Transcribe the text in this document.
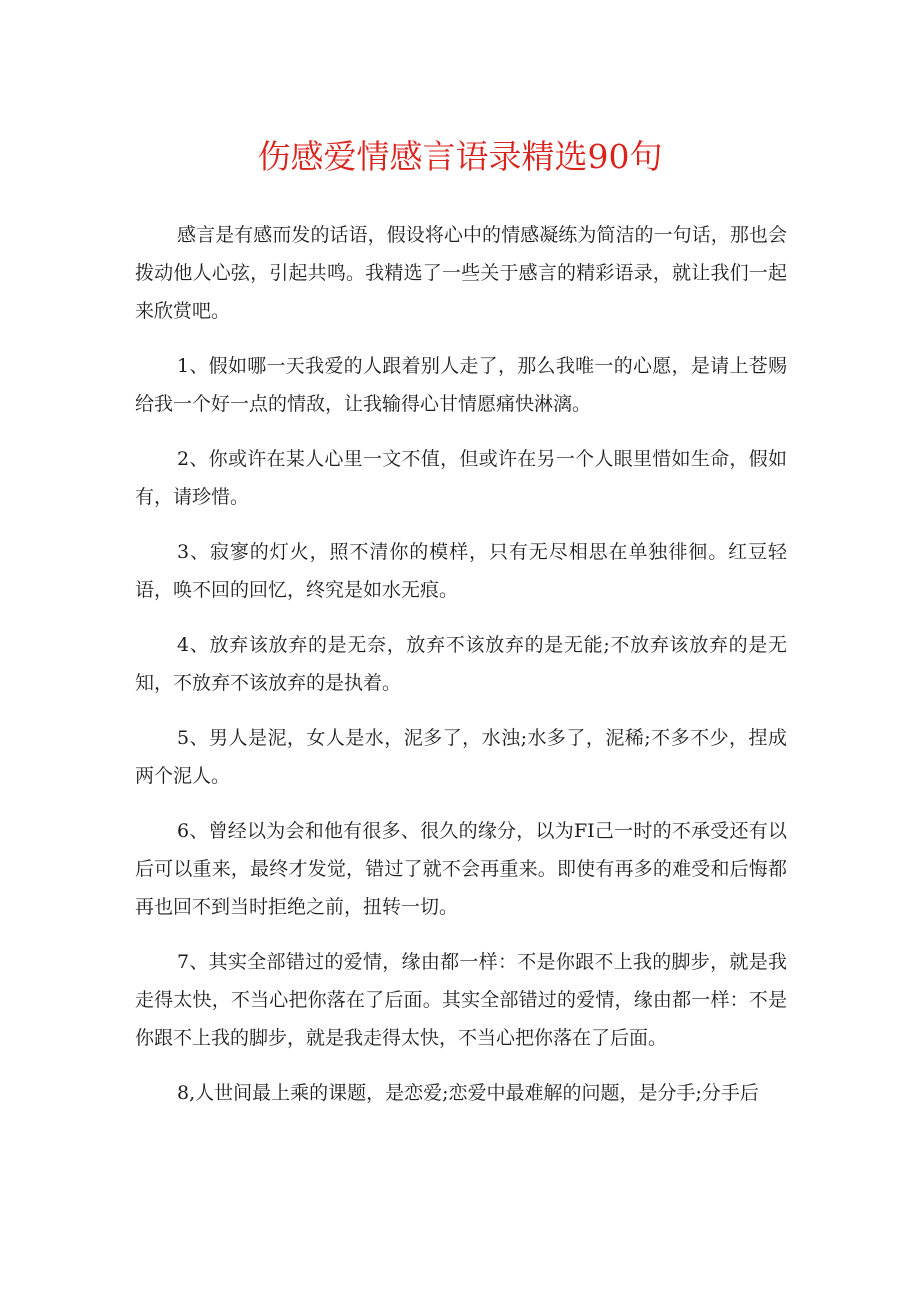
伤感爱情感言语录精选90句

感言是有感而发的话语，假设将心中的情感凝练为简洁的一句话，那也会拨动他人心弦，引起共鸣。我精选了一些关于感言的精彩语录，就让我们一起来欣赏吧。

1、假如哪一天我爱的人跟着别人走了，那么我唯一的心愿，是请上苍赐给我一个好一点的情敌，让我输得心甘情愿痛快淋漓。

2、你或许在某人心里一文不值，但或许在另一个人眼里惜如生命，假如有，请珍惜。

3、寂寥的灯火，照不清你的模样，只有无尽相思在单独徘徊。红豆轻语，唤不回的回忆，终究是如水无痕。

4、放弃该放弃的是无奈，放弃不该放弃的是无能;不放弃该放弃的是无知，不放弃不该放弃的是执着。

5、男人是泥，女人是水，泥多了，水浊;水多了，泥稀;不多不少，捏成两个泥人。

6、曾经以为会和他有很多、很久的缘分，以为FI己一时的不承受还有以后可以重来，最终才发觉，错过了就不会再重来。即使有再多的难受和后悔都再也回不到当时拒绝之前，扭转一切。

7、其实全部错过的爱情，缘由都一样：不是你跟不上我的脚步，就是我走得太快，不当心把你落在了后面。其实全部错过的爱情，缘由都一样：不是你跟不上我的脚步，就是我走得太快，不当心把你落在了后面。

8,人世间最上乘的课题，是恋爱;恋爱中最难解的问题，是分手;分手后
